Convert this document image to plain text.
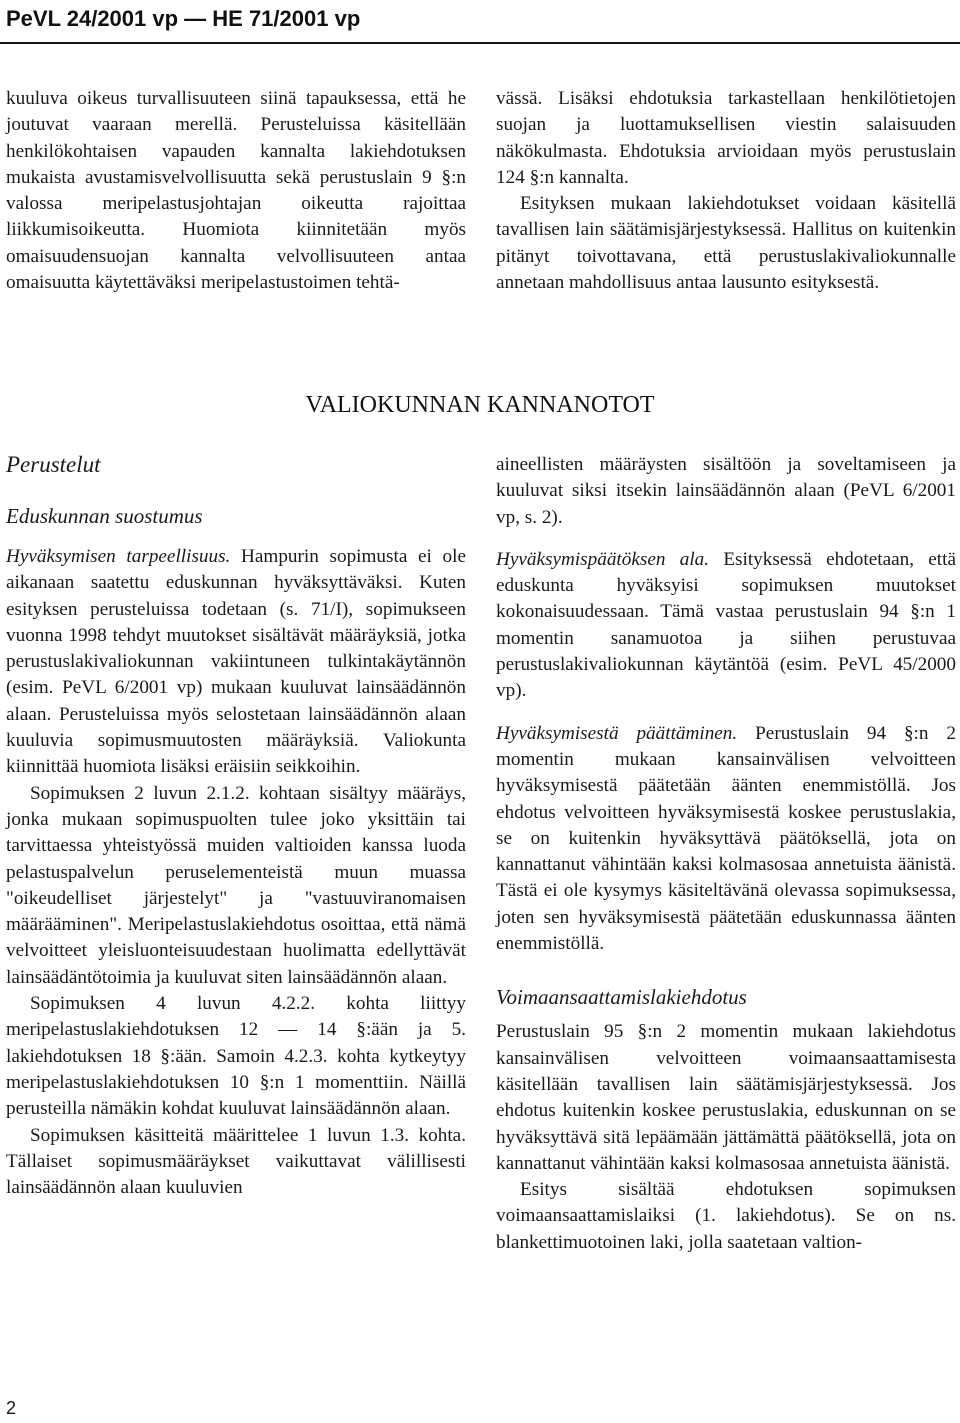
PeVL 24/2001 vp — HE 71/2001 vp

kuuluva oikeus turvallisuuteen siinä tapauksessa, että he joutuvat vaaraan merellä. Perusteluissa käsitellään henkilökohtaisen vapauden kannalta lakiehdotuksen mukaista avustamisvelvollisuutta sekä perustuslain 9 §:n valossa meripelastusjohtajan oikeutta rajoittaa liikkumisoikeutta. Huomiota kiinnitetään myös omaisuudensuojan kannalta velvollisuuteen antaa omaisuutta käytettäväksi meripelastustoimen tehtä-

vässä. Lisäksi ehdotuksia tarkastellaan henkilötietojen suojan ja luottamuksellisen viestin salaisuuden näkökulmasta. Ehdotuksia arvioidaan myös perustuslain 124 §:n kannalta.

Esityksen mukaan lakiehdotukset voidaan käsitellä tavallisen lain säätämisjärjestyksessä. Hallitus on kuitenkin pitänyt toivottavana, että perustuslakivaliokunnalle annetaan mahdollisuus antaa lausunto esityksestä.

VALIOKUNNAN KANNANOTOT
Perustelut
Eduskunnan suostumus

Hyväksymisen tarpeellisuus. Hampurin sopimusta ei ole aikanaan saatettu eduskunnan hyväksyttäväksi. Kuten esityksen perusteluissa todetaan (s. 71/I), sopimukseen vuonna 1998 tehdyt muutokset sisältävät määräyksiä, jotka perustuslakivaliokunnan vakiintuneen tulkintakäytännön (esim. PeVL 6/2001 vp) mukaan kuuluvat lainsäädännön alaan. Perusteluissa myös selostetaan lainsäädännön alaan kuuluvia sopimusmuutosten määräyksiä. Valiokunta kiinnittää huomiota lisäksi eräisiin seikkoihin.

Sopimuksen 2 luvun 2.1.2. kohtaan sisältyy määräys, jonka mukaan sopimuspuolten tulee joko yksittäin tai tarvittaessa yhteistyössä muiden valtioiden kanssa luoda pelastuspalvelun peruselementeistä muun muassa "oikeudelliset järjestelyt" ja "vastuuviranomaisen määrääminen". Meripelastuslakiehdotus osoittaa, että nämä velvoitteet yleisluonteisuudestaan huolimatta edellyttävät lainsäädäntötoimia ja kuuluvat siten lainsäädännön alaan.

Sopimuksen 4 luvun 4.2.2. kohta liittyy meripelastuslakiehdotuksen 12 — 14 §:ään ja 5. lakiehdotuksen 18 §:ään. Samoin 4.2.3. kohta kytkeytyy meripelastuslakiehdotuksen 10 §:n 1 momenttiin. Näillä perusteilla nämäkin kohdat kuuluvat lainsäädännön alaan.

Sopimuksen käsitteitä määrittelee 1 luvun 1.3. kohta. Tällaiset sopimusmääräykset vaikuttavat välillisesti lainsäädännön alaan kuuluvien

aineellisten määräysten sisältöön ja soveltamiseen ja kuuluvat siksi itsekin lainsäädännön alaan (PeVL 6/2001 vp, s. 2).

Hyväksymispäätöksen ala. Esityksessä ehdotetaan, että eduskunta hyväksyisi sopimuksen muutokset kokonaisuudessaan. Tämä vastaa perustuslain 94 §:n 1 momentin sanamuotoa ja siihen perustuvaa perustuslakivaliokunnan käytäntöä (esim. PeVL 45/2000 vp).

Hyväksymisestä päättäminen. Perustuslain 94 §:n 2 momentin mukaan kansainvälisen velvoitteen hyväksymisestä päätetään äänten enemmistöllä. Jos ehdotus velvoitteen hyväksymisestä koskee perustuslakia, se on kuitenkin hyväksyttävä päätöksellä, jota on kannattanut vähintään kaksi kolmasosaa annetuista äänistä. Tästä ei ole kysymys käsiteltävänä olevassa sopimuksessa, joten sen hyväksymisestä päätetään eduskunnassa äänten enemmistöllä.

Voimaansaattamislakiehdotus

Perustuslain 95 §:n 2 momentin mukaan lakiehdotus kansainvälisen velvoitteen voimaansaattamisesta käsitellään tavallisen lain säätämisjärjestyksessä. Jos ehdotus kuitenkin koskee perustuslakia, eduskunnan on se hyväksyttävä sitä lepäämään jättämättä päätöksellä, jota on kannattanut vähintään kaksi kolmasosaa annetuista äänistä.

Esitys sisältää ehdotuksen sopimuksen voimaansaattamislaiksi (1. lakiehdotus). Se on ns. blankettimuotoinen laki, jolla saatetaan valtion-

2
